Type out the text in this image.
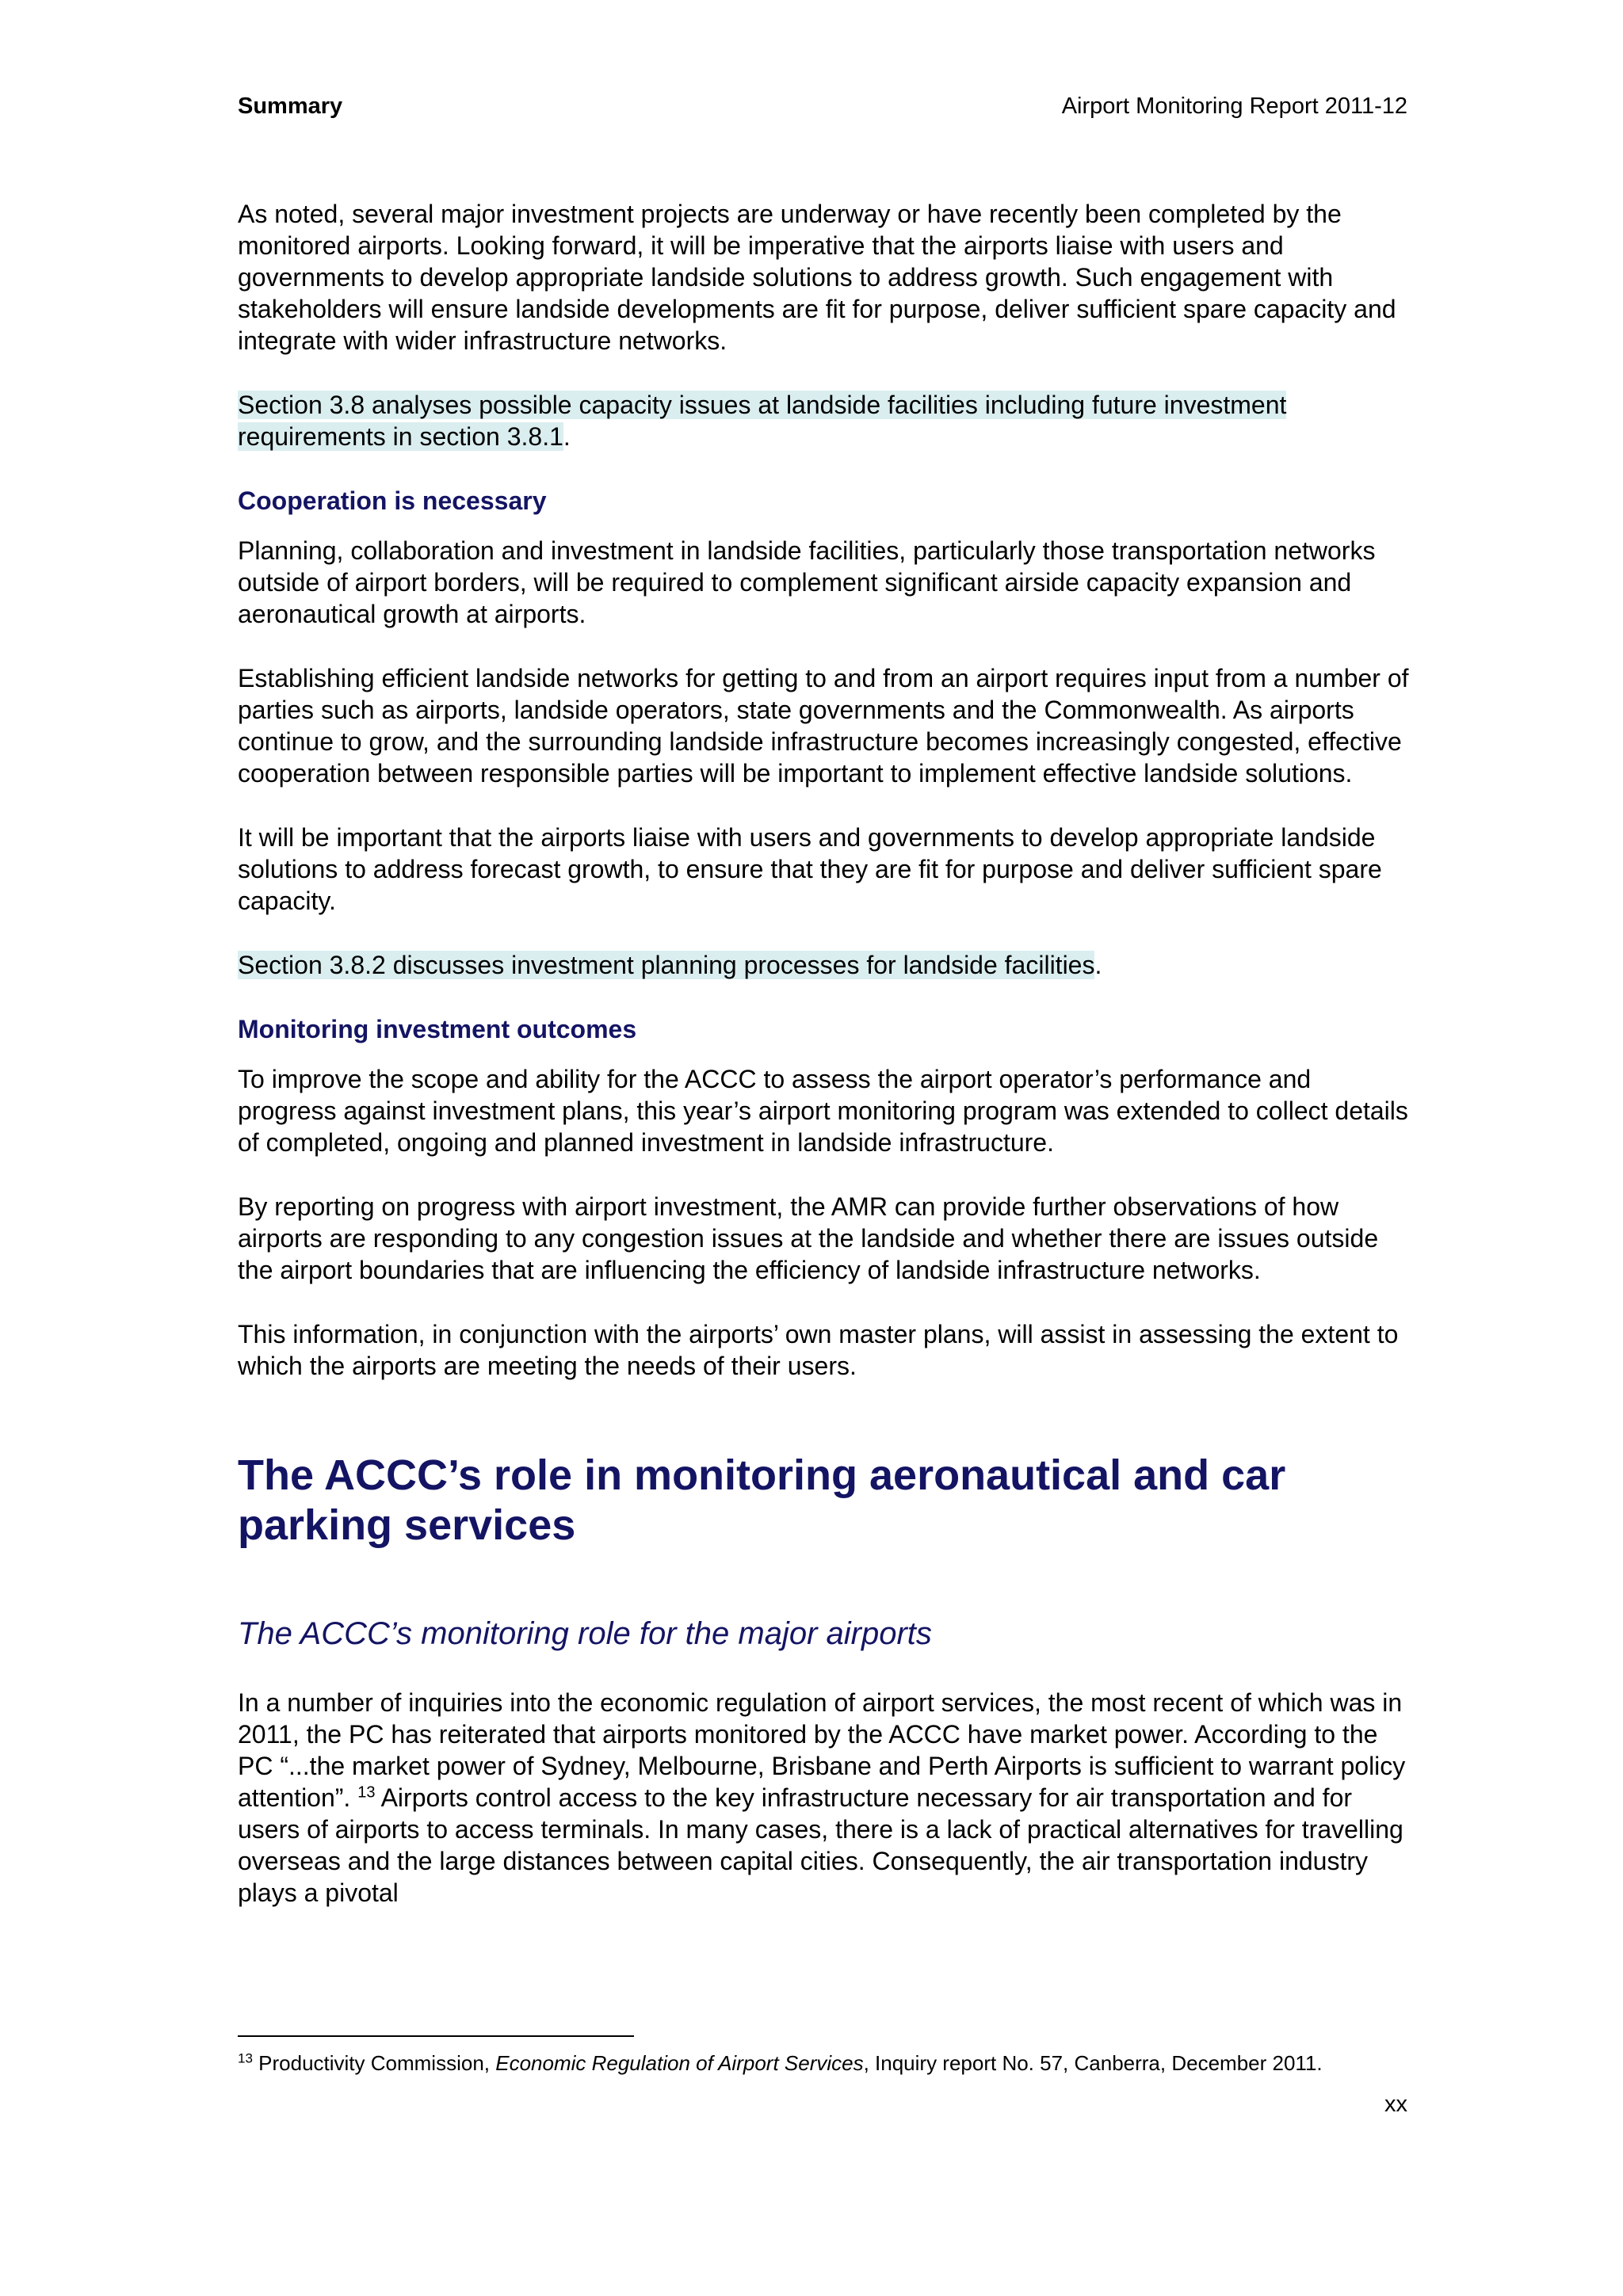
Summary	Airport Monitoring Report 2011-12

As noted, several major investment projects are underway or have recently been completed by the monitored airports. Looking forward, it will be imperative that the airports liaise with users and governments to develop appropriate landside solutions to address growth. Such engagement with stakeholders will ensure landside developments are fit for purpose, deliver sufficient spare capacity and integrate with wider infrastructure networks.

Section 3.8 analyses possible capacity issues at landside facilities including future investment requirements in section 3.8.1.

Cooperation is necessary

Planning, collaboration and investment in landside facilities, particularly those transportation networks outside of airport borders, will be required to complement significant airside capacity expansion and aeronautical growth at airports.

Establishing efficient landside networks for getting to and from an airport requires input from a number of parties such as airports, landside operators, state governments and the Commonwealth. As airports continue to grow, and the surrounding landside infrastructure becomes increasingly congested, effective cooperation between responsible parties will be important to implement effective landside solutions.

It will be important that the airports liaise with users and governments to develop appropriate landside solutions to address forecast growth, to ensure that they are fit for purpose and deliver sufficient spare capacity.

Section 3.8.2 discusses investment planning processes for landside facilities.

Monitoring investment outcomes

To improve the scope and ability for the ACCC to assess the airport operator’s performance and progress against investment plans, this year’s airport monitoring program was extended to collect details of completed, ongoing and planned investment in landside infrastructure.

By reporting on progress with airport investment, the AMR can provide further observations of how airports are responding to any congestion issues at the landside and whether there are issues outside the airport boundaries that are influencing the efficiency of landside infrastructure networks.

This information, in conjunction with the airports’ own master plans, will assist in assessing the extent to which the airports are meeting the needs of their users.

The ACCC’s role in monitoring aeronautical and car parking services
The ACCC’s monitoring role for the major airports

In a number of inquiries into the economic regulation of airport services, the most recent of which was in 2011, the PC has reiterated that airports monitored by the ACCC have market power. According to the PC “...the market power of Sydney, Melbourne, Brisbane and Perth Airports is sufficient to warrant policy attention”. $^{13}$ Airports control access to the key infrastructure necessary for air transportation and for users of airports to access terminals. In many cases, there is a lack of practical alternatives for travelling overseas and the large distances between capital cities. Consequently, the air transportation industry plays a pivotal

$^{13}$ Productivity Commission, Economic Regulation of Airport Services, Inquiry report No. 57, Canberra, December 2011.
xx
